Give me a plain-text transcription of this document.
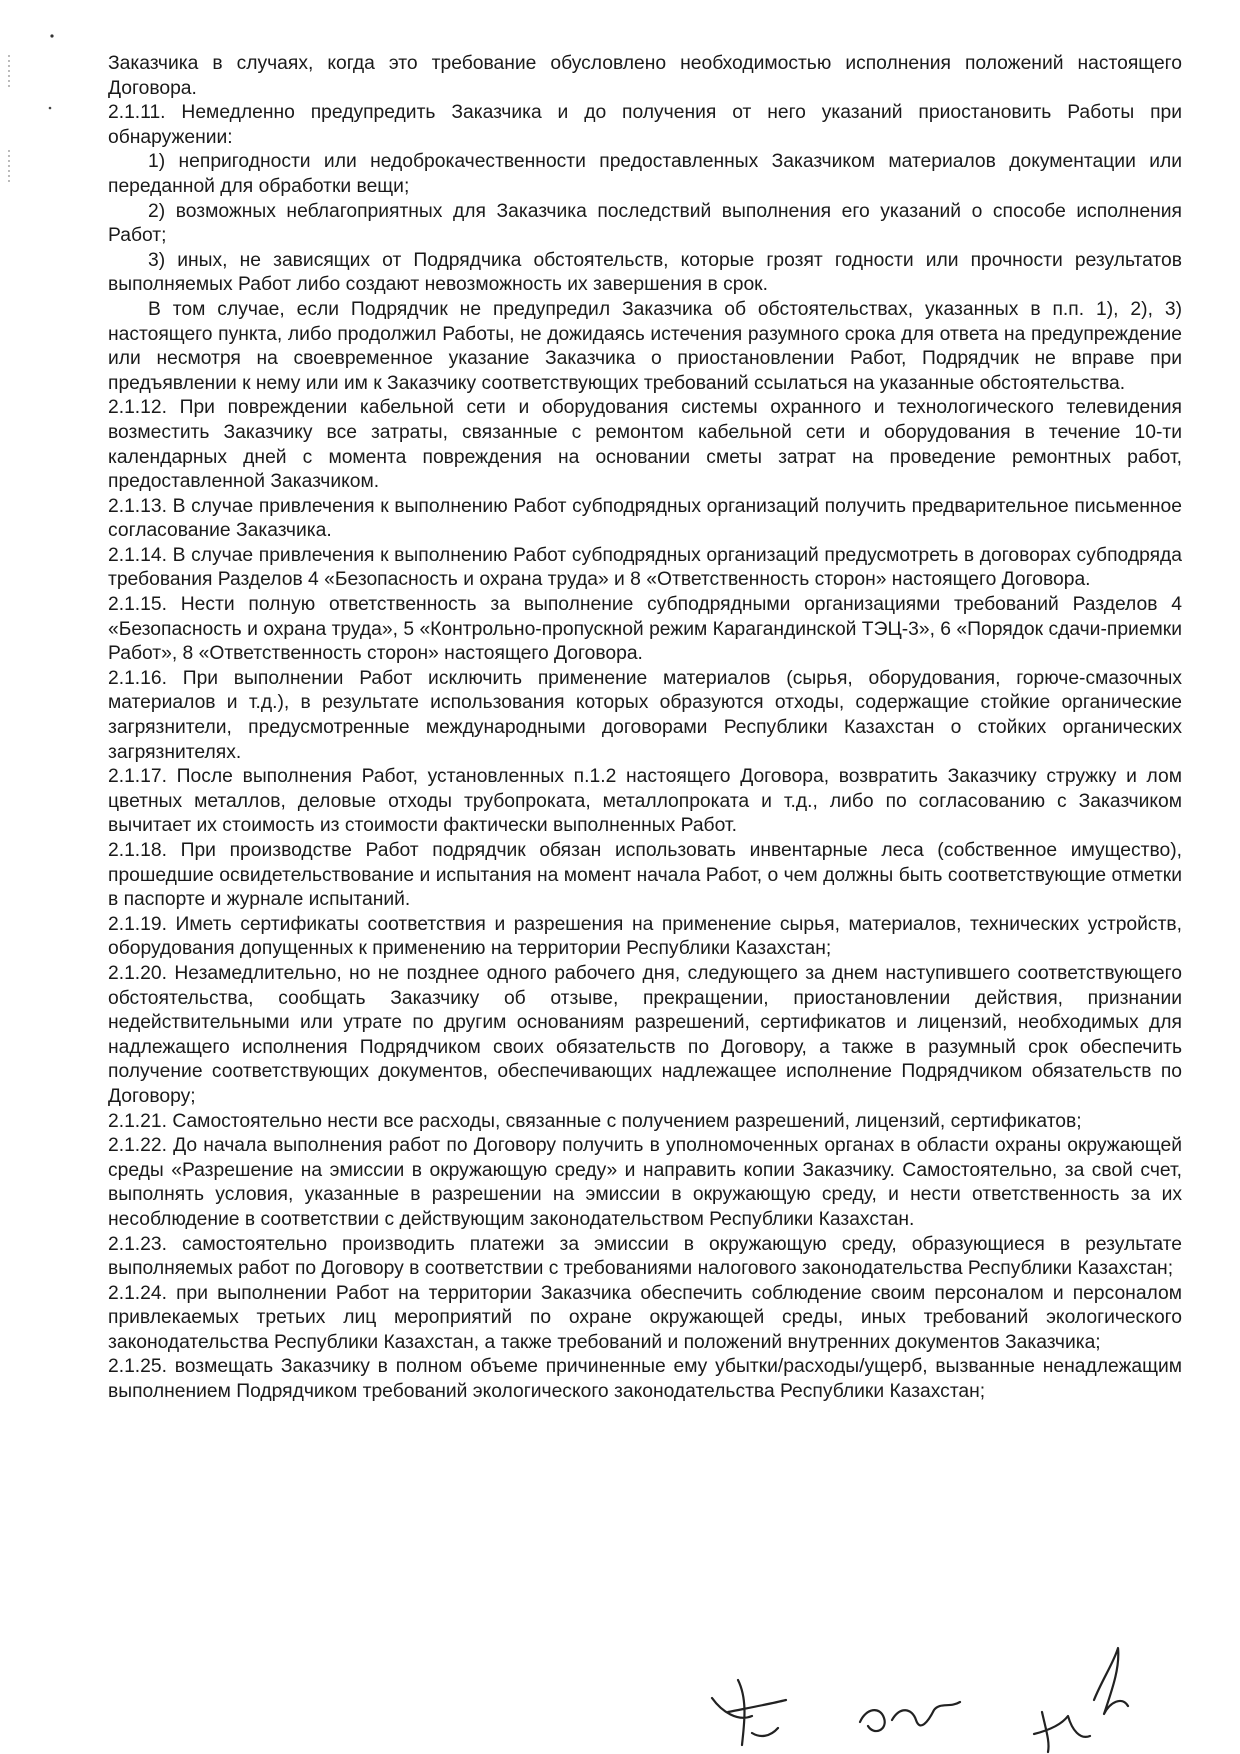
Заказчика в случаях, когда это требование обусловлено необходимостью исполнения положений настоящего Договора.

2.1.11. Немедленно предупредить Заказчика и до получения от него указаний приостановить Работы при обнаружении:

1) непригодности или недоброкачественности предоставленных Заказчиком материалов документации или переданной для обработки вещи;

2) возможных неблагоприятных для Заказчика последствий выполнения его указаний о способе исполнения Работ;

3) иных, не зависящих от Подрядчика обстоятельств, которые грозят годности или прочности результатов выполняемых Работ либо создают невозможность их завершения в срок.

В том случае, если Подрядчик не предупредил Заказчика об обстоятельствах, указанных в п.п. 1), 2), 3) настоящего пункта, либо продолжил Работы, не дожидаясь истечения разумного срока для ответа на предупреждение или несмотря на своевременное указание Заказчика о приостановлении Работ, Подрядчик не вправе при предъявлении к нему или им к Заказчику соответствующих требований ссылаться на указанные обстоятельства.

2.1.12. При повреждении кабельной сети и оборудования системы охранного и технологического телевидения возместить Заказчику все затраты, связанные с ремонтом кабельной сети и оборудования в течение 10-ти календарных дней с момента повреждения на основании сметы затрат на проведение ремонтных работ, предоставленной Заказчиком.

2.1.13. В случае привлечения к выполнению Работ субподрядных организаций получить предварительное письменное согласование Заказчика.

2.1.14. В случае привлечения к выполнению Работ субподрядных организаций предусмотреть в договорах субподряда требования Разделов 4 «Безопасность и охрана труда» и 8 «Ответственность сторон» настоящего Договора.

2.1.15. Нести полную ответственность за выполнение субподрядными организациями требований Разделов 4 «Безопасность и охрана труда», 5 «Контрольно-пропускной режим Карагандинской ТЭЦ-3», 6 «Порядок сдачи-приемки Работ», 8 «Ответственность сторон» настоящего Договора.

2.1.16. При выполнении Работ исключить применение материалов (сырья, оборудования, горюче-смазочных материалов и т.д.), в результате использования которых образуются отходы, содержащие стойкие органические загрязнители, предусмотренные международными договорами Республики Казахстан о стойких органических загрязнителях.

2.1.17. После выполнения Работ, установленных п.1.2 настоящего Договора, возвратить Заказчику стружку и лом цветных металлов, деловые отходы трубопроката, металлопроката и т.д., либо по согласованию с Заказчиком вычитает их стоимость из стоимости фактически выполненных Работ.

2.1.18. При производстве Работ подрядчик обязан использовать инвентарные леса (собственное имущество), прошедшие освидетельствование и испытания на момент начала Работ, о чем должны быть соответствующие отметки в паспорте и журнале испытаний.

2.1.19. Иметь сертификаты соответствия и разрешения на применение сырья, материалов, технических устройств, оборудования допущенных к применению на территории Республики Казахстан;

2.1.20. Незамедлительно, но не позднее одного рабочего дня, следующего за днем наступившего соответствующего обстоятельства, сообщать Заказчику об отзыве, прекращении, приостановлении действия, признании недействительными или утрате по другим основаниям разрешений, сертификатов и лицензий, необходимых для надлежащего исполнения Подрядчиком своих обязательств по Договору, а также в разумный срок обеспечить получение соответствующих документов, обеспечивающих надлежащее исполнение Подрядчиком обязательств по Договору;

2.1.21. Самостоятельно нести все расходы, связанные с получением разрешений, лицензий, сертификатов;

2.1.22. До начала выполнения работ по Договору получить в уполномоченных органах в области охраны окружающей среды «Разрешение на эмиссии в окружающую среду» и направить копии Заказчику. Самостоятельно, за свой счет, выполнять условия, указанные в разрешении на эмиссии в окружающую среду, и нести ответственность за их несоблюдение в соответствии с действующим законодательством Республики Казахстан.

2.1.23. самостоятельно производить платежи за эмиссии в окружающую среду, образующиеся в результате выполняемых работ по Договору в соответствии с требованиями налогового законодательства Республики Казахстан;

2.1.24. при выполнении Работ на территории Заказчика обеспечить соблюдение своим персоналом и персоналом привлекаемых третьих лиц мероприятий по охране окружающей среды, иных требований экологического законодательства Республики Казахстан, а также требований и положений внутренних документов Заказчика;

2.1.25. возмещать Заказчику в полном объеме причиненные ему убытки/расходы/ущерб, вызванные ненадлежащим выполнением Подрядчиком требований экологического законодательства Республики Казахстан;
